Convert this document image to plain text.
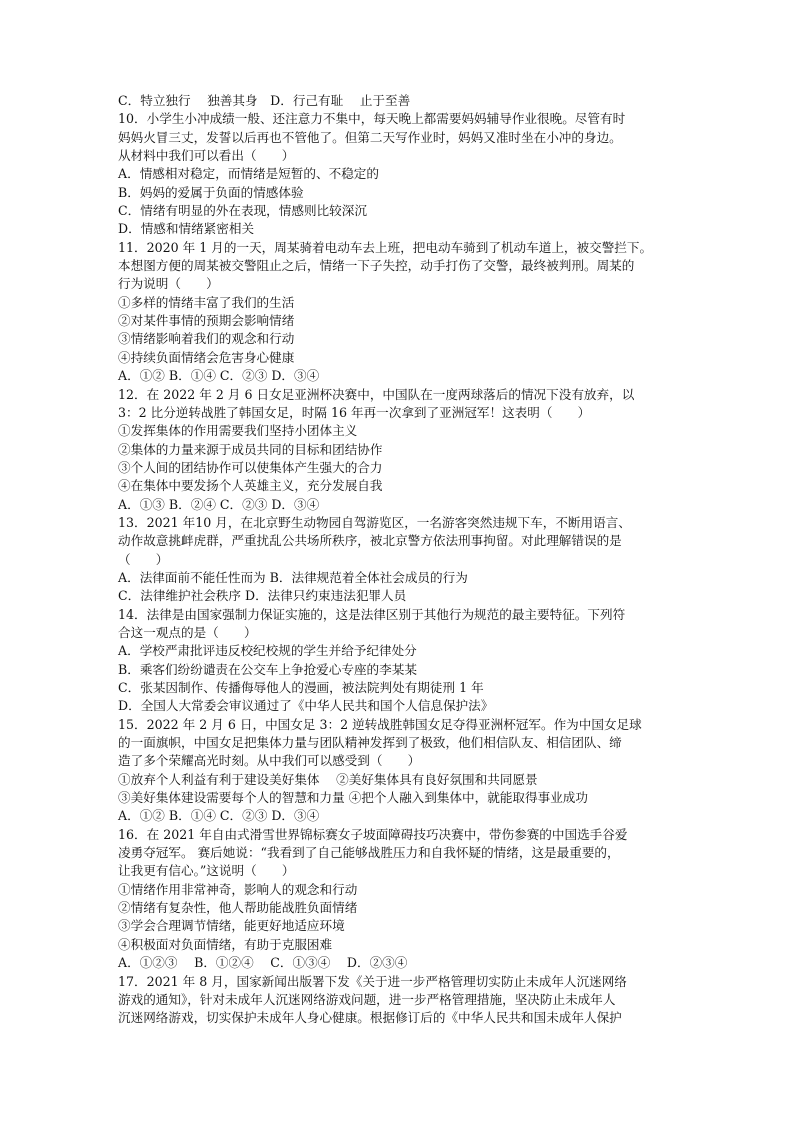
C．特立独行　 独善其身　D．行己有耻　 止于至善
10．小学生小冲成绩一般、还注意力不集中，每天晚上都需要妈妈辅导作业很晚。尽管有时
妈妈火冒三丈，发誓以后再也不管他了。但第二天写作业时，妈妈又准时坐在小冲的身边。
从材料中我们可以看出（　　）
A．情感相对稳定，而情绪是短暂的、不稳定的
B．妈妈的爱属于负面的情感体验
C．情绪有明显的外在表现，情感则比较深沉
D．情感和情绪紧密相关
11．2020 年 1 月的一天，周某骑着电动车去上班，把电动车骑到了机动车道上，被交警拦下。
本想图方便的周某被交警阻止之后，情绪一下子失控，动手打伤了交警，最终被判刑。周某的
行为说明（　　）
①多样的情绪丰富了我们的生活
②对某件事情的预期会影响情绪
③情绪影响着我们的观念和行动
④持续负面情绪会危害身心健康
A．①② B．①④ C．②③ D．③④
12．在 2022 年 2 月 6 日女足亚洲杯决赛中，中国队在一度两球落后的情况下没有放弃，以
3：2 比分逆转战胜了韩国女足，时隔 16 年再一次拿到了亚洲冠军！这表明（　　）
①发挥集体的作用需要我们坚持小团体主义
②集体的力量来源于成员共同的目标和团结协作
③个人间的团结协作可以使集体产生强大的合力
④在集体中要发扬个人英雄主义，充分发展自我
A．①③ B．②④ C．②③ D．③④
13．2021 年10 月，在北京野生动物园自驾游览区，一名游客突然违规下车，不断用语言、
动作故意挑衅虎群，严重扰乱公共场所秩序，被北京警方依法刑事拘留。对此理解错误的是
（　　）
A．法律面前不能任性而为 B．法律规范着全体社会成员的行为
C．法律维护社会秩序 D．法律只约束违法犯罪人员
14．法律是由国家强制力保证实施的，这是法律区别于其他行为规范的最主要特征。下列符
合这一观点的是（　　）
A．学校严肃批评违反校纪校规的学生并给予纪律处分
B．乘客们纷纷谴责在公交车上争抢爱心专座的李某某
C．张某因制作、传播侮辱他人的漫画，被法院判处有期徒刑 1 年
D．全国人大常委会审议通过了《中华人民共和国个人信息保护法》
15．2022 年 2 月 6 日，中国女足 3：2 逆转战胜韩国女足夺得亚洲杯冠军。作为中国女足球
的一面旗帜，中国女足把集体力量与团队精神发挥到了极致，他们相信队友、相信团队、缔
造了多个荣耀高光时刻。从中我们可以感受到（　　）
①放弃个人利益有利于建设美好集体　 ②美好集体具有良好氛围和共同愿景
③美好集体建设需要每个人的智慧和力量 ④把个人融入到集体中，就能取得事业成功
A．①② B．①④ C．②③ D．③④
16．在 2021 年自由式滑雪世界锦标赛女子坡面障碍技巧决赛中，带伤参赛的中国选手谷爱
凌勇夺冠军。 赛后她说：“我看到了自己能够战胜压力和自我怀疑的情绪，这是最重要的，
让我更有信心。”这说明（　　）
①情绪作用非常神奇，影响人的观念和行动
②情绪有复杂性，他人帮助能战胜负面情绪
③学会合理调节情绪，能更好地适应环境
④积极面对负面情绪，有助于克服困难
A．①②③　 B．①②④　 C．①③④　 D．②③④
17．2021 年 8 月，国家新闻出版署下发《关于进一步严格管理切实防止未成年人沉迷网络
游戏的通知》，针对未成年人沉迷网络游戏问题，进一步严格管理措施，坚决防止未成年人
沉迷网络游戏，切实保护未成年人身心健康。根据修订后的《中华人民共和国未成年人保护
